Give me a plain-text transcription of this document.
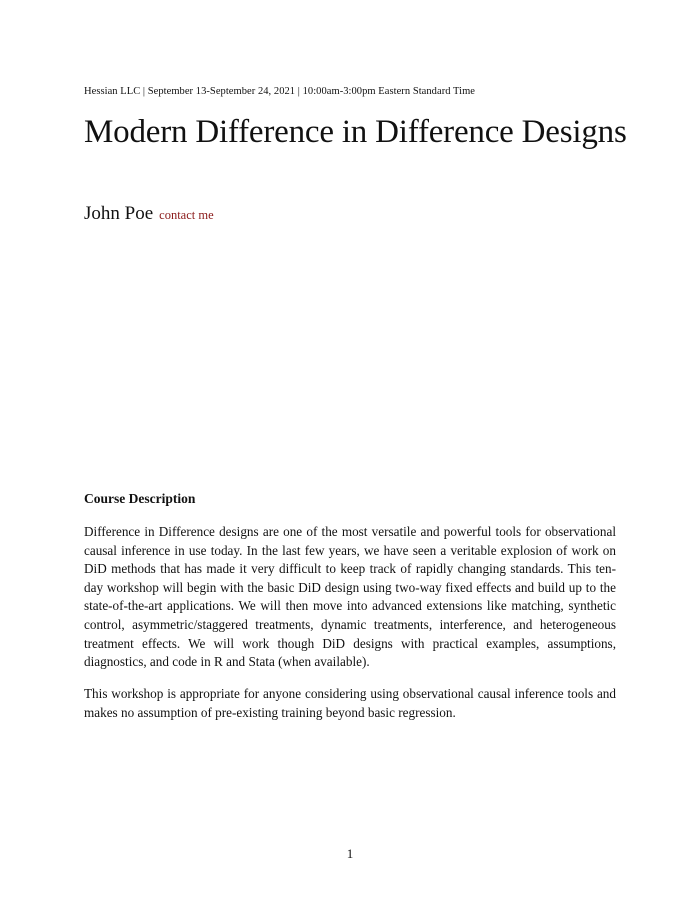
Hessian LLC | September 13-September 24, 2021 | 10:00am-3:00pm Eastern Standard Time
Modern Difference in Difference Designs
John Poe contact me
Course Description

Difference in Difference designs are one of the most versatile and powerful tools for observational causal inference in use today. In the last few years, we have seen a veritable explosion of work on DiD methods that has made it very difficult to keep track of rapidly changing standards. This ten-day workshop will begin with the basic DiD design using two-way fixed effects and build up to the state-of-the-art applications. We will then move into advanced extensions like matching, synthetic control, asymmetric/staggered treatments, dynamic treatments, interference, and heterogeneous treatment effects. We will work though DiD designs with practical examples, assumptions, diagnostics, and code in R and Stata (when available).

This workshop is appropriate for anyone considering using observational causal inference tools and makes no assumption of pre-existing training beyond basic regression.

1
